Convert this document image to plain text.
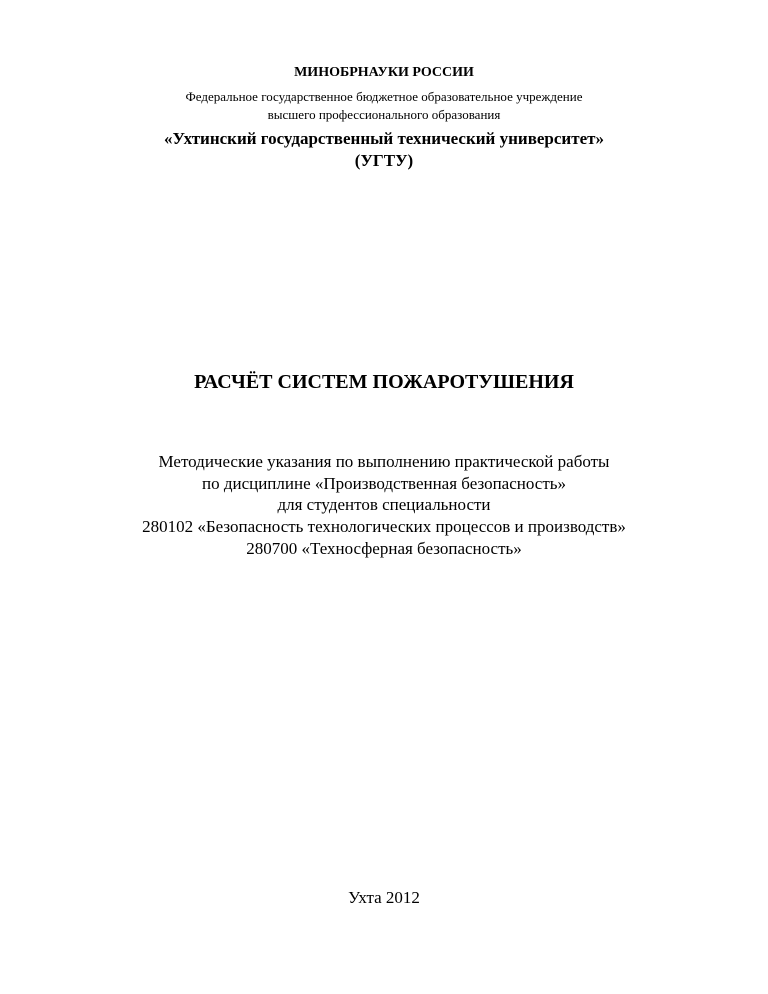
МИНОБРНАУКИ РОССИИ
Федеральное государственное бюджетное образовательное учреждение
высшего профессионального образования
«Ухтинский государственный технический университет»
(УГТУ)
РАСЧЁТ СИСТЕМ ПОЖАРОТУШЕНИЯ
Методические указания по выполнению практической работы
по дисциплине «Производственная безопасность»
для студентов специальности
280102 «Безопасность технологических процессов и производств»
280700 «Техносферная безопасность»
Ухта 2012
